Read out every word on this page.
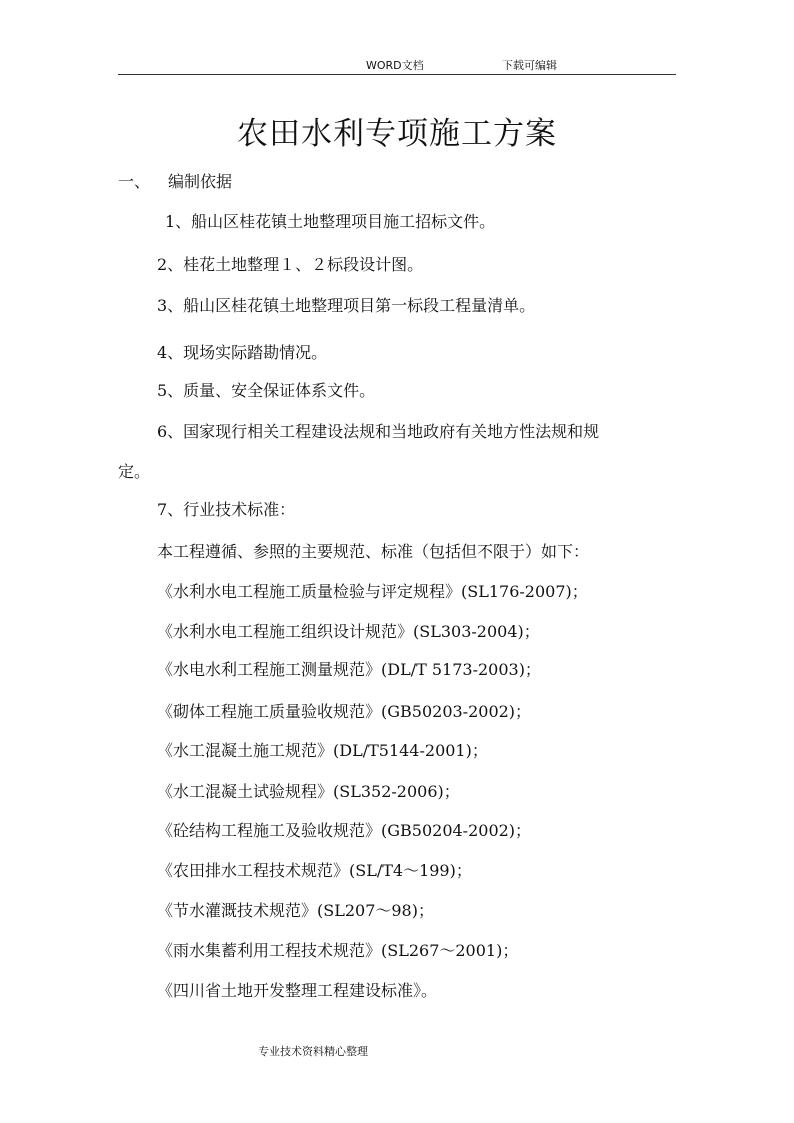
WORD文档	下载可编辑
农田水利专项施工方案
一、 编制依据
1、船山区桂花镇土地整理项目施工招标文件。
2、桂花土地整理１、２标段设计图。
3、船山区桂花镇土地整理项目第一标段工程量清单。
4、现场实际踏勘情况。
5、质量、安全保证体系文件。
6、国家现行相关工程建设法规和当地政府有关地方性法规和规
定。
7、行业技术标准：
本工程遵循、参照的主要规范、标准（包括但不限于）如下：
《水利水电工程施工质量检验与评定规程》(SL176-2007)；
《水利水电工程施工组织设计规范》(SL303-2004)；
《水电水利工程施工测量规范》(DL/T 5173-2003)；
《砌体工程施工质量验收规范》(GB50203-2002)；
《水工混凝土施工规范》(DL/T5144-2001)；
《水工混凝土试验规程》(SL352-2006)；
《砼结构工程施工及验收规范》(GB50204-2002)；
《农田排水工程技术规范》(SL/T4～199)；
《节水灌溉技术规范》(SL207～98)；
《雨水集蓄利用工程技术规范》(SL267～2001)；
《四川省土地开发整理工程建设标准》。
专业技术资料精心整理
